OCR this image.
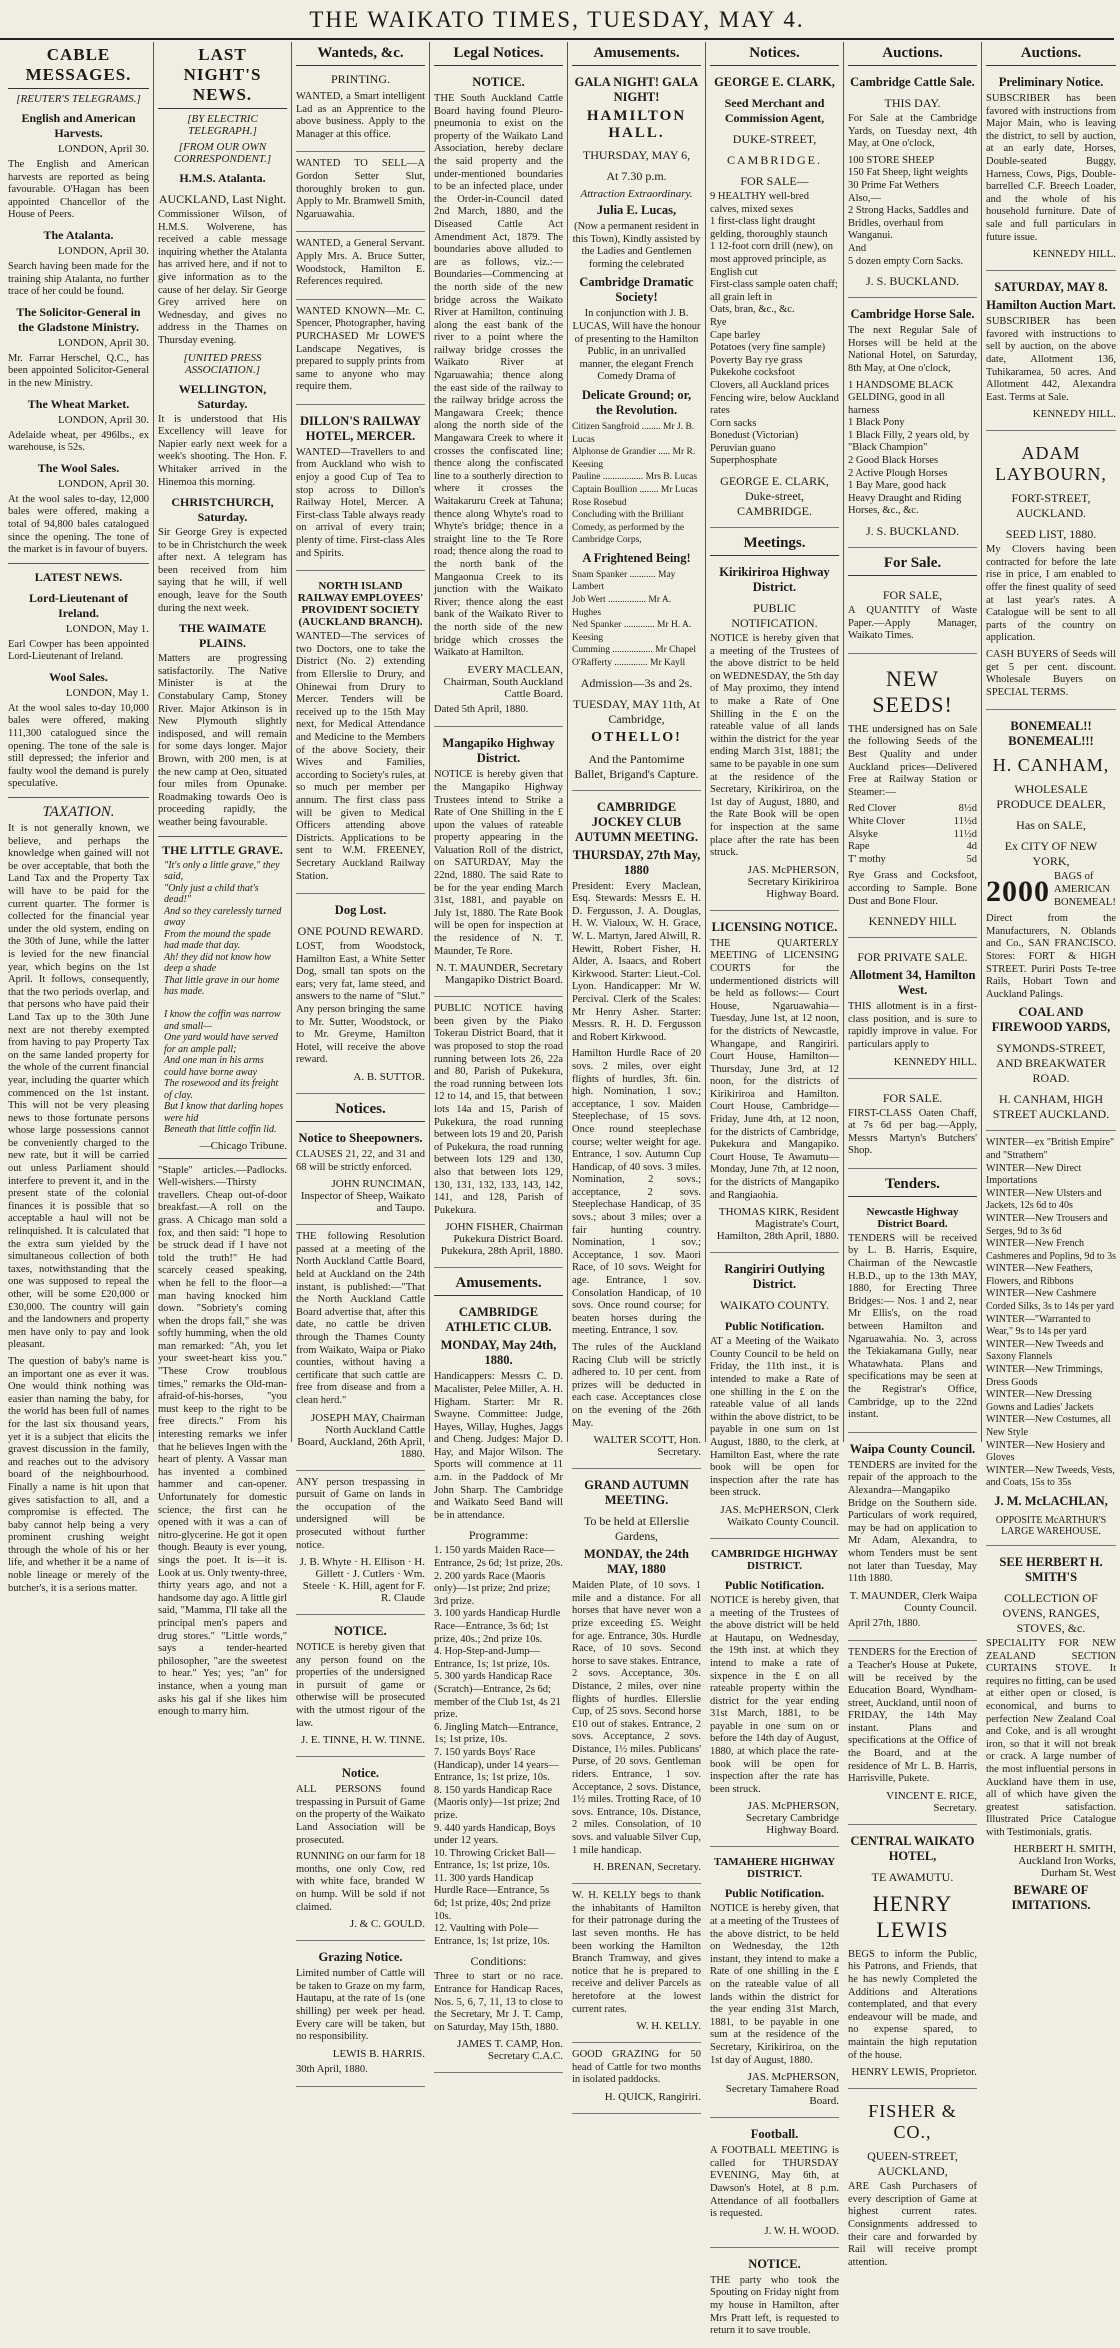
THE WAIKATO TIMES, TUESDAY, MAY 4.
CABLE MESSAGES.
[REUTER'S TELEGRAMS.]
English and American Harvests.
LONDON, April 30.

The English and American harvests are reported as being favourable. O'Hagan has been appointed Chancellor of the House of Peers.

The Atalanta.
LONDON, April 30.

Search having been made for the training ship Atalanta, no further trace of her could be found.

The Solicitor-General in the Gladstone Ministry.
LONDON, April 30.

Mr. Farrar Herschel, Q.C., has been appointed Solicitor-General in the new Ministry.

The Wheat Market.
LONDON, April 30.

Adelaide wheat, per 496lbs., ex warehouse, is 52s.

The Wool Sales.
LONDON, April 30.

At the wool sales to-day, 12,000 bales were offered, making a total of 94,800 bales catalogued since the opening. The tone of the market is in favour of buyers.

LATEST NEWS.
Lord-Lieutenant of Ireland.
LONDON, May 1.

Earl Cowper has been appointed Lord-Lieutenant of Ireland.

Wool Sales.
LONDON, May 1.

At the wool sales to-day 10,000 bales were offered, making 111,300 catalogued since the opening. The tone of the sale is still depressed; the inferior and faulty wool the demand is purely speculative.

TAXATION.

It is not generally known, we believe, and perhaps the knowledge when gained will not be over acceptable, that both the Land Tax and the Property Tax will have to be paid for the current quarter. The former is collected for the financial year under the old system, ending on the 30th of June, while the latter is levied for the new financial year, which begins on the 1st April. It follows, consequently, that the two periods overlap, and that persons who have paid their Land Tax up to the 30th June next are not thereby exempted from having to pay Property Tax on the same landed property for the whole of the current financial year, including the quarter which commenced on the 1st instant. This will not be very pleasing news to those fortunate persons whose large possessions cannot be conveniently charged to the new rate, but it will be carried out unless Parliament should interfere to prevent it, and in the present state of the colonial finances it is possible that so acceptable a haul will not be relinquished. It is calculated that the extra sum yielded by the simultaneous collection of both taxes, notwithstanding that the one was supposed to repeal the other, will be some £20,000 or £30,000. The country will gain and the landowners and property men have only to pay and look pleasant.

The question of baby's name is an important one as ever it was. One would think nothing was easier than naming the baby, for the world has been full of names for the last six thousand years, yet it is a subject that elicits the gravest discussion in the family, and reaches out to the advisory board of the neighbourhood. Finally a name is hit upon that gives satisfaction to all, and a compromise is effected. The baby cannot help being a very prominent crushing weight through the whole of his or her life, and whether it be a name of noble lineage or merely of the butcher's, it is a serious matter.

LAST NIGHT'S NEWS.
[BY ELECTRIC TELEGRAPH.]
[FROM OUR OWN CORRESPONDENT.]
H.M.S. Atalanta.
AUCKLAND, Last Night.

Commissioner Wilson, of H.M.S. Wolverene, has received a cable message inquiring whether the Atalanta has arrived here, and if not to give information as to the cause of her delay. Sir George Grey arrived here on Wednesday, and gives no address in the Thames on Thursday evening.

[UNITED PRESS ASSOCIATION.]
WELLINGTON, Saturday.

It is understood that His Excellency will leave for Napier early next week for a week's shooting. The Hon. F. Whitaker arrived in the Hinemoa this morning.

CHRISTCHURCH, Saturday.

Sir George Grey is expected to be in Christchurch the week after next. A telegram has been received from him saying that he will, if well enough, leave for the South during the next week.

THE WAIMATE PLAINS.

Matters are progressing satisfactorily. The Native Minister is at the Constabulary Camp, Stoney River. Major Atkinson is in New Plymouth slightly indisposed, and will remain for some days longer. Major Brown, with 200 men, is at the new camp at Oeo, situated four miles from Opunake. Roadmaking towards Oeo is proceeding rapidly, the weather being favourable.

THE LITTLE GRAVE.
"It's only a little grave," they said,
"Only just a child that's dead!"
And so they carelessly turned away
From the mound the spade had made that day.
Ah! they did not know how deep a shade
That little grave in our home has made.

I know the coffin was narrow and small—
One yard would have served for an ample pall;
And one man in his arms could have borne away
The rosewood and its freight of clay.
But I know that darling hopes were hid
Beneath that little coffin lid.
—Chicago Tribune.

"Staple" articles.—Padlocks. Well-wishers.—Thirsty travellers. Cheap out-of-door breakfast.—A roll on the grass. A Chicago man sold a fox, and then said: "I hope to be struck dead if I have not told the truth!" He had scarcely ceased speaking, when he fell to the floor—a man having knocked him down. "Sobriety's coming when the drops fall," she was softly humming, when the old man remarked: "Ah, you let your sweet-heart kiss you." "These Crow troublous times," remarks the Old-man-afraid-of-his-horses, "you must keep to the right to be free directs." From his interesting remarks we infer that he believes Ingen with the heart of plenty. A Vassar man has invented a combined hammer and can-opener. Unfortunately for domestic science, the first can he opened with it was a can of nitro-glycerine. He got it open though. Beauty is ever young, sings the poet. It is—it is. Look at us. Only twenty-three, thirty years ago, and not a handsome day ago. A little girl said, "Mamma, I'll take all the principal men's papers and drug stores." "Little words," says a tender-hearted philosopher, "are the sweetest to hear." Yes; yes; "an" for instance, when a young man asks his gal if she likes him enough to marry him.

Wanteds, &c.
PRINTING.

WANTED, a Smart intelligent Lad as an Apprentice to the above business. Apply to the Manager at this office.

WANTED TO SELL—A Gordon Setter Slut, thoroughly broken to gun. Apply to Mr. Bramwell Smith, Ngaruawahia.

WANTED, a General Servant. Apply Mrs. A. Bruce Sutter, Woodstock, Hamilton E. References required.

WANTED KNOWN—Mr. C. Spencer, Photographer, having PURCHASED Mr LOWE'S Landscape Negatives, is prepared to supply prints from same to anyone who may require them.

DILLON'S RAILWAY HOTEL, MERCER.

WANTED—Travellers to and from Auckland who wish to enjoy a good Cup of Tea to stop across to Dillon's Railway Hotel, Mercer. A First-class Table always ready on arrival of every train; plenty of time. First-class Ales and Spirits.

NORTH ISLAND RAILWAY EMPLOYEES' PROVIDENT SOCIETY (AUCKLAND BRANCH).

WANTED—The services of two Doctors, one to take the District (No. 2) extending from Ellerslie to Drury, and Ohinewai from Drury to Mercer. Tenders will be received up to the 15th May next, for Medical Attendance and Medicine to the Members of the above Society, their Wives and Families, according to Society's rules, at so much per member per annum. The first class pass will be given to Medical Officers attending above Districts. Applications to be sent to W.M. FREENEY, Secretary Auckland Railway Station.

Dog Lost.
ONE POUND REWARD.

LOST, from Woodstock, Hamilton East, a White Setter Dog, small tan spots on the ears; very fat, lame steed, and answers to the name of "Slut." Any person bringing the same to Mr. Sutter, Woodstock, or to Mr. Greyme, Hamilton Hotel, will receive the above reward.

A. B. SUTTOR.
Notices.
Notice to Sheepowners.

CLAUSES 21, 22, and 31 and 68 will be strictly enforced.

JOHN RUNCIMAN, Inspector of Sheep, Waikato and Taupo.

THE following Resolution passed at a meeting of the North Auckland Cattle Board, held at Auckland on the 24th instant, is published:—"That the North Auckland Cattle Board advertise that, after this date, no cattle be driven through the Thames County from Waikato, Waipa or Piako counties, without having a certificate that such cattle are free from disease and from a clean herd."

JOSEPH MAY, Chairman North Auckland Cattle Board, Auckland, 26th April, 1880.

ANY person trespassing in pursuit of Game on lands in the occupation of the undersigned will be prosecuted without further notice.

J. B. Whyte · H. Ellison · H. Gillett · J. Cutlers · Wm. Steele · K. Hill, agent for F. R. Claude
NOTICE.

NOTICE is hereby given that any person found on the properties of the undersigned in pursuit of game or otherwise will be prosecuted with the utmost rigour of the law.

J. E. TINNE, H. W. TINNE.
Notice.

ALL PERSONS found trespassing in Pursuit of Game on the property of the Waikato Land Association will be prosecuted.

RUNNING on our farm for 18 months, one only Cow, red with white face, branded W on hump. Will be sold if not claimed.

J. & C. GOULD.
Grazing Notice.

Limited number of Cattle will be taken to Graze on my farm, Hautapu, at the rate of 1s (one shilling) per week per head. Every care will be taken, but no responsibility.

LEWIS B. HARRIS.
30th April, 1880.
Legal Notices.
NOTICE.

THE South Auckland Cattle Board having found Pleuro-pneumonia to exist on the property of the Waikato Land Association, hereby declare the said property and the under-mentioned boundaries to be an infected place, under the Order-in-Council dated 2nd March, 1880, and the Diseased Cattle Act Amendment Act, 1879. The boundaries above alluded to are as follows, viz.:— Boundaries—Commencing at the north side of the new bridge across the Waikato River at Hamilton, continuing along the east bank of the river to a point where the railway bridge crosses the Waikato River at Ngaruawahia; thence along the east side of the railway to the railway bridge across the Mangawara Creek; thence along the north side of the Mangawara Creek to where it crosses the confiscated line; thence along the confiscated line to a southerly direction to where it crosses the Waitakaruru Creek at Tahuna; thence along Whyte's road to Whyte's bridge; thence in a straight line to the Te Rore road; thence along the road to the north bank of the Mangaonua Creek to its junction with the Waikato River; thence along the east bank of the Waikato River to the north side of the new bridge which crosses the Waikato at Hamilton.

EVERY MACLEAN, Chairman, South Auckland Cattle Board.
Dated 5th April, 1880.
Mangapiko Highway District.

NOTICE is hereby given that the Mangapiko Highway Trustees intend to Strike a Rate of One Shilling in the £ upon the values of rateable property appearing in the Valuation Roll of the district, on SATURDAY, May the 22nd, 1880. The said Rate to be for the year ending March 31st, 1881, and payable on July 1st, 1880. The Rate Book will be open for inspection at the residence of N. T. Maunder, Te Rore.

N. T. MAUNDER, Secretary Mangapiko District Board.

PUBLIC NOTICE having been given by the Piako Tokerau District Board, that it was proposed to stop the road running between lots 26, 22a and 80, Parish of Pukekura, the road running between lots 12 to 14, and 15, that between lots 14a and 15, Parish of Pukekura, the road running between lots 19 and 20, Parish of Pukekura, the road running between lots 129 and 130, also that between lots 129, 130, 131, 132, 133, 143, 142, 141, and 128, Parish of Pukekura.

JOHN FISHER, Chairman Pukekura District Board. Pukekura, 28th April, 1880.
Amusements.
CAMBRIDGE ATHLETIC CLUB.
MONDAY, May 24th, 1880.

Handicappers: Messrs C. D. Macalister, Pelee Miller, A. H. Higham. Starter: Mr R. Swayne. Committee: Judge, Hayes, Willay, Hughes, Jaggs and Cheng. Judges: Major D. Hay, and Major Wilson. The Sports will commence at 11 a.m. in the Paddock of Mr John Sharp. The Cambridge and Waikato Seed Band will be in attendance.

Programme:
1. 150 yards Maiden Race—Entrance, 2s 6d; 1st prize, 20s.
2. 200 yards Race (Maoris only)—1st prize; 2nd prize; 3rd prize.
3. 100 yards Handicap Hurdle Race—Entrance, 3s 6d; 1st prize, 40s.; 2nd prize 10s.
4. Hop-Step-and-Jump—Entrance, 1s; 1st prize, 10s.
5. 300 yards Handicap Race (Scratch)—Entrance, 2s 6d; member of the Club 1st, 4s 21 prize.
6. Jingling Match—Entrance, 1s; 1st prize, 10s.
7. 150 yards Boys' Race (Handicap), under 14 years—Entrance, 1s; 1st prize, 10s.
8. 150 yards Handicap Race (Maoris only)—1st prize; 2nd prize.
9. 440 yards Handicap, Boys under 12 years.
10. Throwing Cricket Ball—Entrance, 1s; 1st prize, 10s.
11. 300 yards Handicap Hurdle Race—Entrance, 5s 6d; 1st prize, 40s; 2nd prize 10s.
12. Vaulting with Pole—Entrance, 1s; 1st prize, 10s.
Conditions:

Three to start or no race. Entrance for Handicap Races, Nos. 5, 6, 7, 11, 13 to close to the Secretary, Mr J. T. Camp, on Saturday, May 15th, 1880.

JAMES T. CAMP, Hon. Secretary C.A.C.
Amusements.
GALA NIGHT! GALA NIGHT!
HAMILTON HALL.
THURSDAY, MAY 6,
At 7.30 p.m.
Attraction Extraordinary.
Julia E. Lucas,

(Now a permanent resident in this Town), Kindly assisted by the Ladies and Gentlemen forming the celebrated

Cambridge Dramatic Society!

In conjunction with J. B. LUCAS, Will have the honour of presenting to the Hamilton Public, in an unrivalled manner, the elegant French Comedy Drama of

Delicate Ground; or, the Revolution.
Citizen Sangfroid ........ Mr J. B. Lucas
Alphonse de Grandier ..... Mr R. Keesing
Pauline ................. Mrs B. Lucas
Captain Boullion ........ Mr Lucas
Rose Rosebud
Concluding with the Brilliant Comedy, as performed by the Cambridge Corps,
A Frightened Being!
Snam Spanker ........... May Lambert
Job Wert ................ Mr A. Hughes
Ned Spanker ............. Mr H. A. Keesing
Cumming ................. Mr Chapel
O'Rafferty .............. Mr Kayll
Admission—3s and 2s.
TUESDAY, MAY 11th, At Cambridge,
OTHELLO!
And the Pantomime Ballet, Brigand's Capture.
CAMBRIDGE JOCKEY CLUB AUTUMN MEETING.
THURSDAY, 27th May, 1880

President: Every Maclean, Esq. Stewards: Messrs E. H. D. Fergusson, J. A. Douglas, H. W. Vialoux, W. H. Grace, W. L. Martyn, Jared Alwill, R. Hewitt, Robert Fisher, H. Alder, A. Isaacs, and Robert Kirkwood. Starter: Lieut.-Col. Lyon. Handicapper: Mr W. Percival. Clerk of the Scales: Mr Henry Asher. Starter: Messrs. R. H. D. Fergusson and Robert Kirkwood.

Hamilton Hurdle Race of 20 sovs. 2 miles, over eight flights of hurdles, 3ft. 6in. high. Nomination, 1 sov.; acceptance, 1 sov. Maiden Steeplechase, of 15 sovs. Once round steeplechase course; welter weight for age. Entrance, 1 sov. Autumn Cup Handicap, of 40 sovs. 3 miles. Nomination, 2 sovs.; acceptance, 2 sovs. Steeplechase Handicap, of 35 sovs.; about 3 miles; over a fair hunting country. Nomination, 1 sov.; Acceptance, 1 sov. Maori Race, of 10 sovs. Weight for age. Entrance, 1 sov. Consolation Handicap, of 10 sovs. Once round course; for beaten horses during the meeting. Entrance, 1 sov.

The rules of the Auckland Racing Club will be strictly adhered to. 10 per cent. from prizes will be deducted in each case. Acceptances close on the evening of the 26th May.

WALTER SCOTT, Hon. Secretary.
GRAND AUTUMN MEETING.
To be held at Ellerslie Gardens,
MONDAY, the 24th MAY, 1880

Maiden Plate, of 10 sovs. 1 mile and a distance. For all horses that have never won a prize exceeding £5. Weight for age. Entrance, 30s. Hurdle Race, of 10 sovs. Second horse to save stakes. Entrance, 2 sovs. Acceptance, 30s. Distance, 2 miles, over nine flights of hurdles. Ellerslie Cup, of 25 sovs. Second horse £10 out of stakes. Entrance, 2 sovs. Acceptance, 2 sovs. Distance, 1½ miles. Publicans' Purse, of 20 sovs. Gentleman riders. Entrance, 1 sov. Acceptance, 2 sovs. Distance, 1½ miles. Trotting Race, of 10 sovs. Entrance, 10s. Distance, 2 miles. Consolation, of 10 sovs. and valuable Silver Cup, 1 mile handicap.

H. BRENAN, Secretary.

W. H. KELLY begs to thank the inhabitants of Hamilton for their patronage during the last seven months. He has been working the Hamilton Branch Tramway, and gives notice that he is prepared to receive and deliver Parcels as heretofore at the lowest current rates.

W. H. KELLY.

GOOD GRAZING for 50 head of Cattle for two months in isolated paddocks.

H. QUICK, Rangiriri.
Notices.
GEORGE E. CLARK,
Seed Merchant and Commission Agent,
DUKE-STREET,
CAMBRIDGE.
FOR SALE—
9 HEALTHY well-bred calves, mixed sexes
1 first-class light draught gelding, thoroughly staunch
1 12-foot corn drill (new), on most approved principle, as English cut
First-class sample oaten chaff; all grain left in
Oats, bran, &c., &c.
Rye
Cape barley
Potatoes (very fine sample)
Poverty Bay rye grass
Pukekohe cocksfoot
Clovers, all Auckland prices
Fencing wire, below Auckland rates
Corn sacks
Bonedust (Victorian)
Peruvian guano
Superphosphate
GEORGE E. CLARK, Duke-street, CAMBRIDGE.
Meetings.
Kirikiriroa Highway District.
PUBLIC NOTIFICATION.

NOTICE is hereby given that a meeting of the Trustees of the above district to be held on WEDNESDAY, the 5th day of May proximo, they intend to make a Rate of One Shilling in the £ on the rateable value of all lands within the district for the year ending March 31st, 1881; the same to be payable in one sum at the residence of the Secretary, Kirikiriroa, on the 1st day of August, 1880, and the Rate Book will be open for inspection at the same place after the rate has been struck.

JAS. McPHERSON, Secretary Kirikiriroa Highway Board.
LICENSING NOTICE.

THE QUARTERLY MEETING of LICENSING COURTS for the undermentioned districts will be held as follows:— Court House, Ngaruawahia—Tuesday, June 1st, at 12 noon, for the districts of Newcastle, Whangape, and Rangiriri. Court House, Hamilton—Thursday, June 3rd, at 12 noon, for the districts of Kirikiriroa and Hamilton. Court House, Cambridge—Friday, June 4th, at 12 noon, for the districts of Cambridge, Pukekura and Mangapiko. Court House, Te Awamutu—Monday, June 7th, at 12 noon, for the districts of Mangapiko and Rangiaohia.

THOMAS KIRK, Resident Magistrate's Court, Hamilton, 28th April, 1880.
Rangiriri Outlying District.
WAIKATO COUNTY.
Public Notification.

AT a Meeting of the Waikato County Council to be held on Friday, the 11th inst., it is intended to make a Rate of one shilling in the £ on the rateable value of all lands within the above district, to be payable in one sum on 1st August, 1880, to the clerk, at Hamilton East, where the rate book will be open for inspection after the rate has been struck.

JAS. McPHERSON, Clerk Waikato County Council.
CAMBRIDGE HIGHWAY DISTRICT.
Public Notification.

NOTICE is hereby given, that a meeting of the Trustees of the above district will be held at Hautapu, on Wednesday, the 19th inst. at which they intend to make a rate of sixpence in the £ on all rateable property within the district for the year ending 31st March, 1881, to be payable in one sum on or before the 14th day of August, 1880, at which place the rate-book will be open for inspection after the rate has been struck.

JAS. McPHERSON, Secretary Cambridge Highway Board.
TAMAHERE HIGHWAY DISTRICT.
Public Notification.

NOTICE is hereby given, that at a meeting of the Trustees of the above district, to be held on Wednesday, the 12th instant, they intend to make a Rate of one shilling in the £ on the rateable value of all lands within the district for the year ending 31st March, 1881, to be payable in one sum at the residence of the Secretary, Kirikiriroa, on the 1st day of August, 1880.

JAS. McPHERSON, Secretary Tamahere Road Board.
Football.

A FOOTBALL MEETING is called for THURSDAY EVENING, May 6th, at Dawson's Hotel, at 8 p.m. Attendance of all footballers is requested.

J. W. H. WOOD.
NOTICE.

THE party who took the Spouting on Friday night from my house in Hamilton, after Mrs Pratt left, is requested to return it to save trouble.

Auctions.
Cambridge Cattle Sale.
THIS DAY.

For Sale at the Cambridge Yards, on Tuesday next, 4th May, at One o'clock,

100 STORE SHEEP
150 Fat Sheep, light weights
30 Prime Fat Wethers
Also,—
2 Strong Hacks, Saddles and Bridles, overhaul from Wanganui.
And
5 dozen empty Corn Sacks.
J. S. BUCKLAND.
Cambridge Horse Sale.

The next Regular Sale of Horses will be held at the National Hotel, on Saturday, 8th May, at One o'clock,

1 HANDSOME BLACK GELDING, good in all harness
1 Black Pony
1 Black Filly, 2 years old, by "Black Champion"
2 Good Black Horses
2 Active Plough Horses
1 Bay Mare, good hack
Heavy Draught and Riding Horses, &c., &c.
J. S. BUCKLAND.
For Sale.
FOR SALE,

A QUANTITY of Waste Paper.—Apply Manager, Waikato Times.

NEW SEEDS!

THE undersigned has on Sale the following Seeds of the Best Quality and under Auckland prices—Delivered Free at Railway Station or Steamer:—

Red Clover	8½d
White Clover	11½d
Alsyke	11½d
Rape	4d
T' mothy	5d

Rye Grass and Cocksfoot, according to Sample. Bone Dust and Bone Flour.

KENNEDY HILL
FOR PRIVATE SALE.
Allotment 34, Hamilton West.

THIS allotment is in a first-class position, and is sure to rapidly improve in value. For particulars apply to

KENNEDY HILL.
FOR SALE.

FIRST-CLASS Oaten Chaff, at 7s 6d per bag.—Apply, Messrs Martyn's Butchers' Shop.

Tenders.
Newcastle Highway District Board.

TENDERS will be received by L. B. Harris, Esquire, Chairman of the Newcastle H.B.D., up to the 13th MAY, 1880, for Erecting Three Bridges:— Nos. 1 and 2, near Mr Ellis's, on the road between Hamilton and Ngaruawahia. No. 3, across the Tekiakamana Gully, near Whatawhata. Plans and specifications may be seen at the Registrar's Office, Cambridge, up to the 22nd instant.

Waipa County Council.

TENDERS are invited for the repair of the approach to the Alexandra—Mangapiko Bridge on the Southern side. Particulars of work required, may be had on application to Mr Adam, Alexandra, to whom Tenders must be sent not later than Tuesday, May 11th 1880.

T. MAUNDER, Clerk Waipa County Council.
April 27th, 1880.

TENDERS for the Erection of a Teacher's House at Pukete, will be received by the Education Board, Wyndham-street, Auckland, until noon of FRIDAY, the 14th May instant. Plans and specifications at the Office of the Board, and at the residence of Mr L. B. Harris, Harrisville, Pukete.

VINCENT E. RICE, Secretary.
CENTRAL WAIKATO HOTEL,
TE AWAMUTU.
HENRY LEWIS

BEGS to inform the Public, his Patrons, and Friends, that he has newly Completed the Additions and Alterations contemplated, and that every endeavour will be made, and no expense spared, to maintain the high reputation of the house.

HENRY LEWIS, Proprietor.
FISHER & CO.,
QUEEN-STREET, AUCKLAND,

ARE Cash Purchasers of every description of Game at highest current rates. Consignments addressed to their care and forwarded by Rail will receive prompt attention.

Auctions.
Preliminary Notice.

SUBSCRIBER has been favored with instructions from Major Main, who is leaving the district, to sell by auction, at an early date, Horses, Double-seated Buggy, Harness, Cows, Pigs, Double-barrelled C.F. Breech Loader, and the whole of his household furniture. Date of sale and full particulars in future issue.

KENNEDY HILL.
SATURDAY, MAY 8.
Hamilton Auction Mart.

SUBSCRIBER has been favored with instructions to sell by auction, on the above date, Allotment 136, Tuhikaramea, 50 acres. And Allotment 442, Alexandra East. Terms at Sale.

KENNEDY HILL.
ADAM LAYBOURN,
FORT-STREET, AUCKLAND.
SEED LIST, 1880.

My Clovers having been contracted for before the late rise in price, I am enabled to offer the finest quality of seed at last year's rates. A Catalogue will be sent to all parts of the country on application.

CASH BUYERS of Seeds will get 5 per cent. discount. Wholesale Buyers on SPECIAL TERMS.

BONEMEAL!! BONEMEAL!!!
H. CANHAM,
WHOLESALE PRODUCE DEALER,
Has on SALE,
Ex CITY OF NEW YORK,
2000 BAGS of AMERICAN BONEMEAL!

Direct from the Manufacturers, N. Oblands and Co., SAN FRANCISCO. Stores: FORT & HIGH STREET. Puriri Posts Te-tree Rails, Hobart Town and Auckland Palings.

COAL AND FIREWOOD YARDS,
SYMONDS-STREET, AND BREAKWATER ROAD.
H. CANHAM, HIGH STREET AUCKLAND.
WINTER—ex "British Empire" and "Strathern"
WINTER—New Direct Importations
WINTER—New Ulsters and Jackets, 12s 6d to 40s
WINTER—New Trousers and Serges, 9d to 3s 6d
WINTER—New French Cashmeres and Poplins, 9d to 3s
WINTER—New Feathers, Flowers, and Ribbons
WINTER—New Cashmere Corded Silks, 3s to 14s per yard
WINTER—"Warranted to Wear," 9s to 14s per yard
WINTER—New Tweeds and Saxony Flannels
WINTER—New Trimmings, Dress Goods
WINTER—New Dressing Gowns and Ladies' Jackets
WINTER—New Costumes, all New Style
WINTER—New Hosiery and Gloves
WINTER—New Tweeds, Vests, and Coats, 15s to 35s
J. M. McLACHLAN,
OPPOSITE McARTHUR'S LARGE WAREHOUSE.
SEE HERBERT H. SMITH'S
COLLECTION OF OVENS, RANGES, STOVES, &c.

SPECIALITY FOR NEW ZEALAND SECTION CURTAINS STOVE. It requires no fitting, can be used at either open or closed, is economical, and burns to perfection New Zealand Coal and Coke, and is all wrought iron, so that it will not break or crack. A large number of the most influential persons in Auckland have them in use, all of which have given the greatest satisfaction. Illustrated Price Catalogue with Testimonials, gratis.

HERBERT H. SMITH, Auckland Iron Works, Durham St. West
BEWARE OF IMITATIONS.
